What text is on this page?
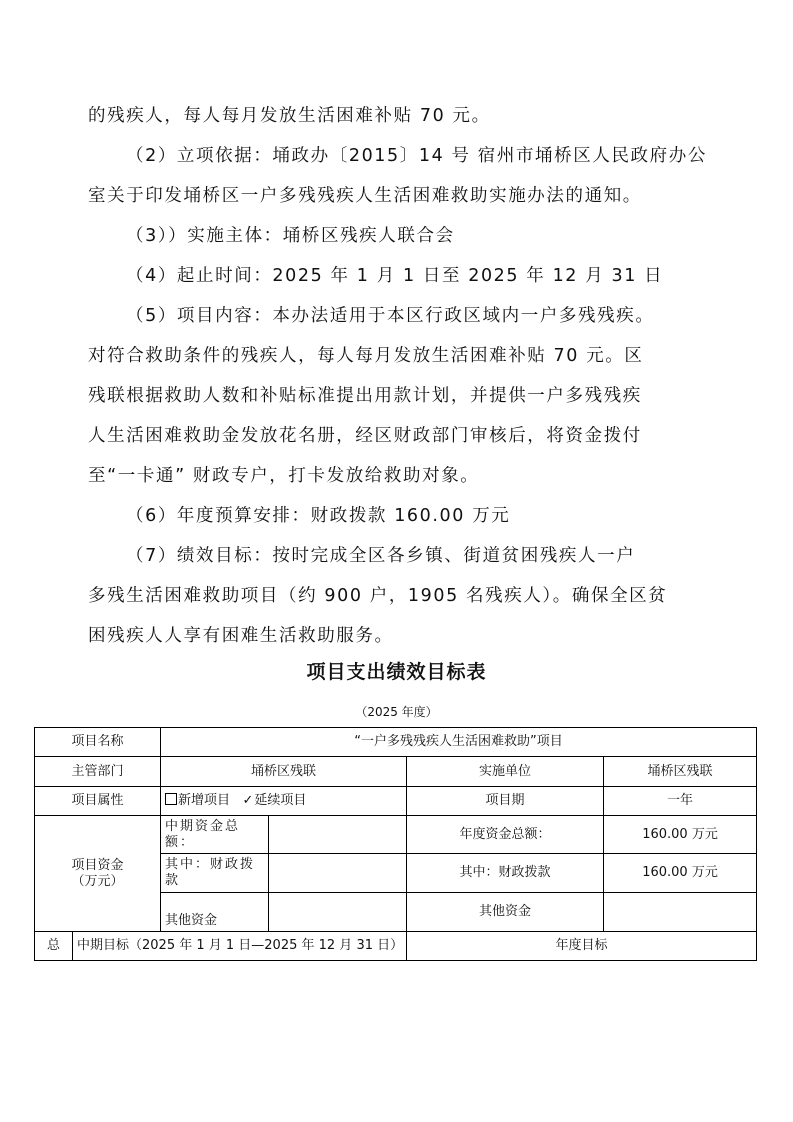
的残疾人，每人每月发放生活困难补贴 70 元。
（2）立项依据：埇政办〔2015〕14 号 宿州市埇桥区人民政府办公
室关于印发埇桥区一户多残残疾人生活困难救助实施办法的通知。
（3））实施主体：埇桥区残疾人联合会
（4）起止时间：2025 年 1 月 1 日至 2025 年 12 月 31 日
（5）项目内容：本办法适用于本区行政区域内一户多残残疾。
对符合救助条件的残疾人，每人每月发放生活困难补贴 70 元。区
残联根据救助人数和补贴标准提出用款计划，并提供一户多残残疾
人生活困难救助金发放花名册，经区财政部门审核后，将资金拨付
至“一卡通” 财政专户，打卡发放给救助对象。
（6）年度预算安排：财政拨款 160.00 万元
（7）绩效目标：按时完成全区各乡镇、街道贫困残疾人一户
多残生活困难救助项目（约 900 户，1905 名残疾人）。确保全区贫
困残疾人人享有困难生活救助服务。
项目支出绩效目标表
（2025 年度）
项目名称		“一户多残残疾人生活困难救助”项目			
主管部门		埇桥区残联		实施单位	埇桥区残联
项目属性		新增项目 ✓延续项目		项目期	一年

项目资金
（万元）		中期资金总额：		年度资金总额：	160.00 万元
		其中：财政拨款		其中：财政拨款	160.00 万元
		其他资金		其他资金	
总	中期目标（2025 年 1 月 1 日—2025 年 12 月 31 日）			年度目标	
